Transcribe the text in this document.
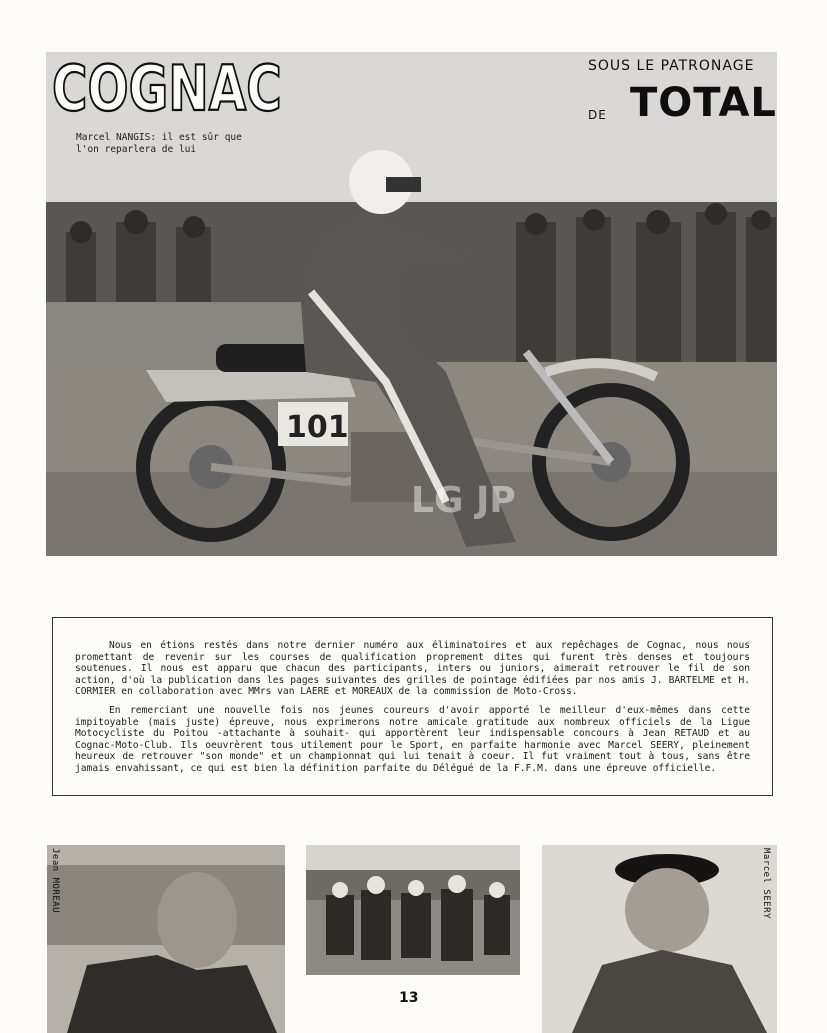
101
LG JP
COGNAC	SOUS LE PATRONAGE
DE TOTAL
Marcel NANGIS: il est sûr que l'on reparlera de lui

Nous en étions restés dans notre dernier numéro aux éliminatoires et aux repêchages de Cognac, nous nous promettant de revenir sur les courses de qualification proprement dites qui furent très denses et toujours soutenues. Il nous est apparu que chacun des participants, inters ou juniors, aimerait retrouver le fil de son action, d'où la publication dans les pages suivantes des grilles de pointage édifiées par nos amis J. BARTELME et H. CORMIER en collaboration avec MMrs van LAERE et MOREAUX de la commission de Moto-Cross.

En remerciant une nouvelle fois nos jeunes coureurs d'avoir apporté le meilleur d'eux-mêmes dans cette impitoyable (mais juste) épreuve, nous exprimerons notre amicale gratitude aux nombreux officiels de la Ligue Motocycliste du Poitou -attachante à souhait- qui apportèrent leur indispensable concours à Jean RETAUD et au Cognac-Moto-Club. Ils oeuvrèrent tous utilement pour le Sport, en parfaite harmonie avec Marcel SEERY, pleinement heureux de retrouver "son monde" et un championnat qui lui tenait à coeur. Il fut vraiment tout à tous, sans être jamais envahissant, ce qui est bien la définition parfaite du Délégué de la F.F.M. dans une épreuve officielle.

Jean MOREAU	Marcel SEERY
13
